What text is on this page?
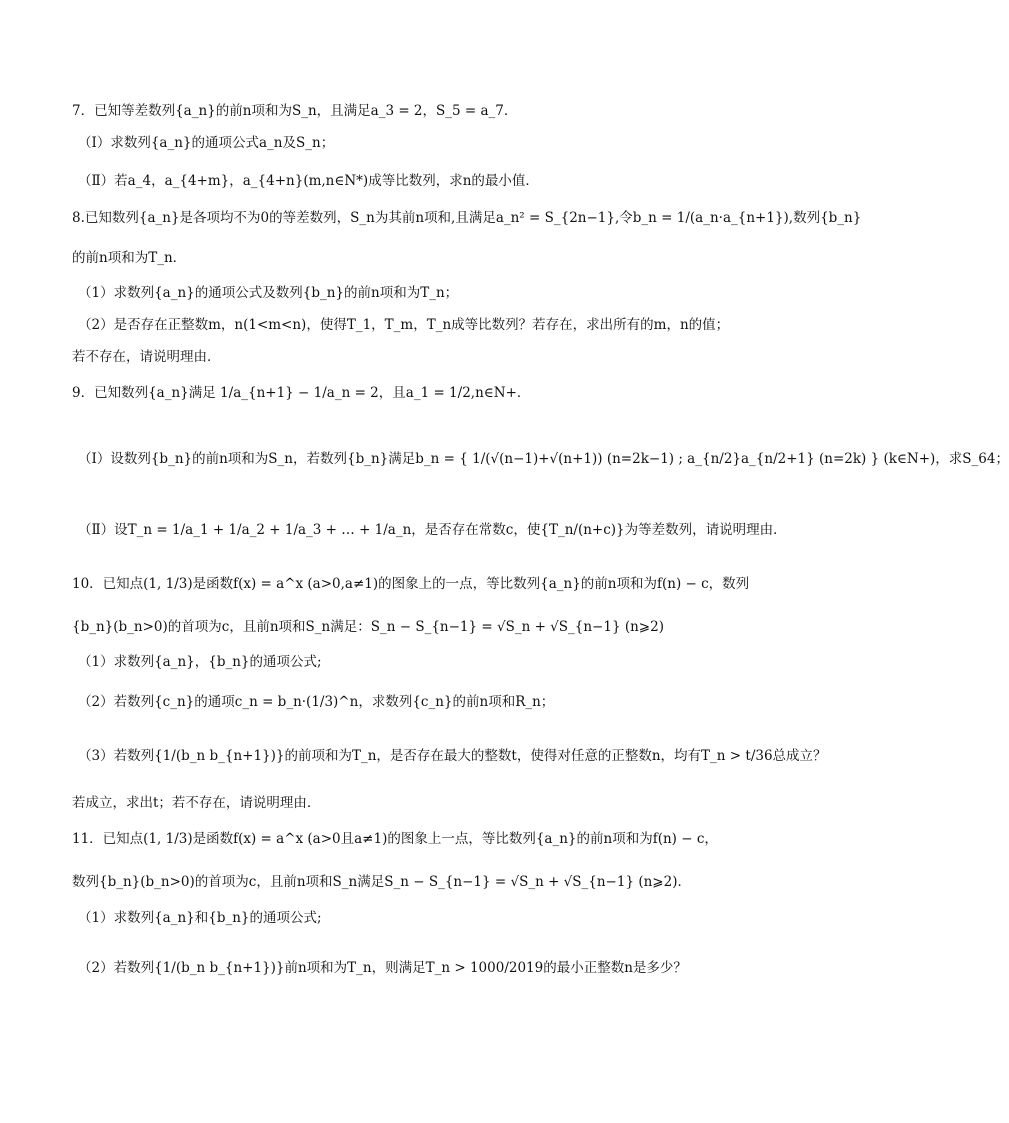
7．已知等差数列{a_n}的前n项和为S_n，且满足a_3 = 2，S_5 = a_7．
（Ⅰ）求数列{a_n}的通项公式a_n及S_n；
（Ⅱ）若a_4，a_{4+m}，a_{4+n}(m,n∈N*)成等比数列，求n的最小值．
8.已知数列{a_n}是各项均不为0的等差数列，S_n为其前n项和,且满足a_n² = S_{2n−1},令b_n = 1/(a_n·a_{n+1}),数列{b_n}
的前n项和为T_n．
（1）求数列{a_n}的通项公式及数列{b_n}的前n项和为T_n；
（2）是否存在正整数m，n(1<m<n)，使得T_1，T_m，T_n成等比数列？若存在，求出所有的m，n的值；
若不存在，请说明理由．
9．已知数列{a_n}满足 1/a_{n+1} − 1/a_n = 2，且a_1 = 1/2,n∈N+．
（Ⅰ）设数列{b_n}的前n项和为S_n，若数列{b_n}满足b_n = { 1/(√(n−1)+√(n+1)) (n=2k−1) ; a_{n/2}a_{n/2+1} (n=2k) } (k∈N+)，求S_64；
（Ⅱ）设T_n = 1/a_1 + 1/a_2 + 1/a_3 + … + 1/a_n，是否存在常数c，使{T_n/(n+c)}为等差数列，请说明理由．
10．已知点(1, 1/3)是函数f(x) = a^x (a>0,a≠1)的图象上的一点，等比数列{a_n}的前n项和为f(n) − c，数列
{b_n}(b_n>0)的首项为c，且前n项和S_n满足：S_n − S_{n−1} = √S_n + √S_{n−1} (n⩾2)
（1）求数列{a_n}，{b_n}的通项公式;
（2）若数列{c_n}的通项c_n = b_n·(1/3)^n，求数列{c_n}的前n项和R_n；
（3）若数列{1/(b_n b_{n+1})}的前项和为T_n，是否存在最大的整数t，使得对任意的正整数n，均有T_n > t/36总成立？
若成立，求出t；若不存在，请说明理由．
11．已知点(1, 1/3)是函数f(x) = a^x (a>0且a≠1)的图象上一点，等比数列{a_n}的前n项和为f(n) − c，
数列{b_n}(b_n>0)的首项为c，且前n项和S_n满足S_n − S_{n−1} = √S_n + √S_{n−1} (n⩾2)．
（1）求数列{a_n}和{b_n}的通项公式;
（2）若数列{1/(b_n b_{n+1})}前n项和为T_n，则满足T_n > 1000/2019的最小正整数n是多少？
